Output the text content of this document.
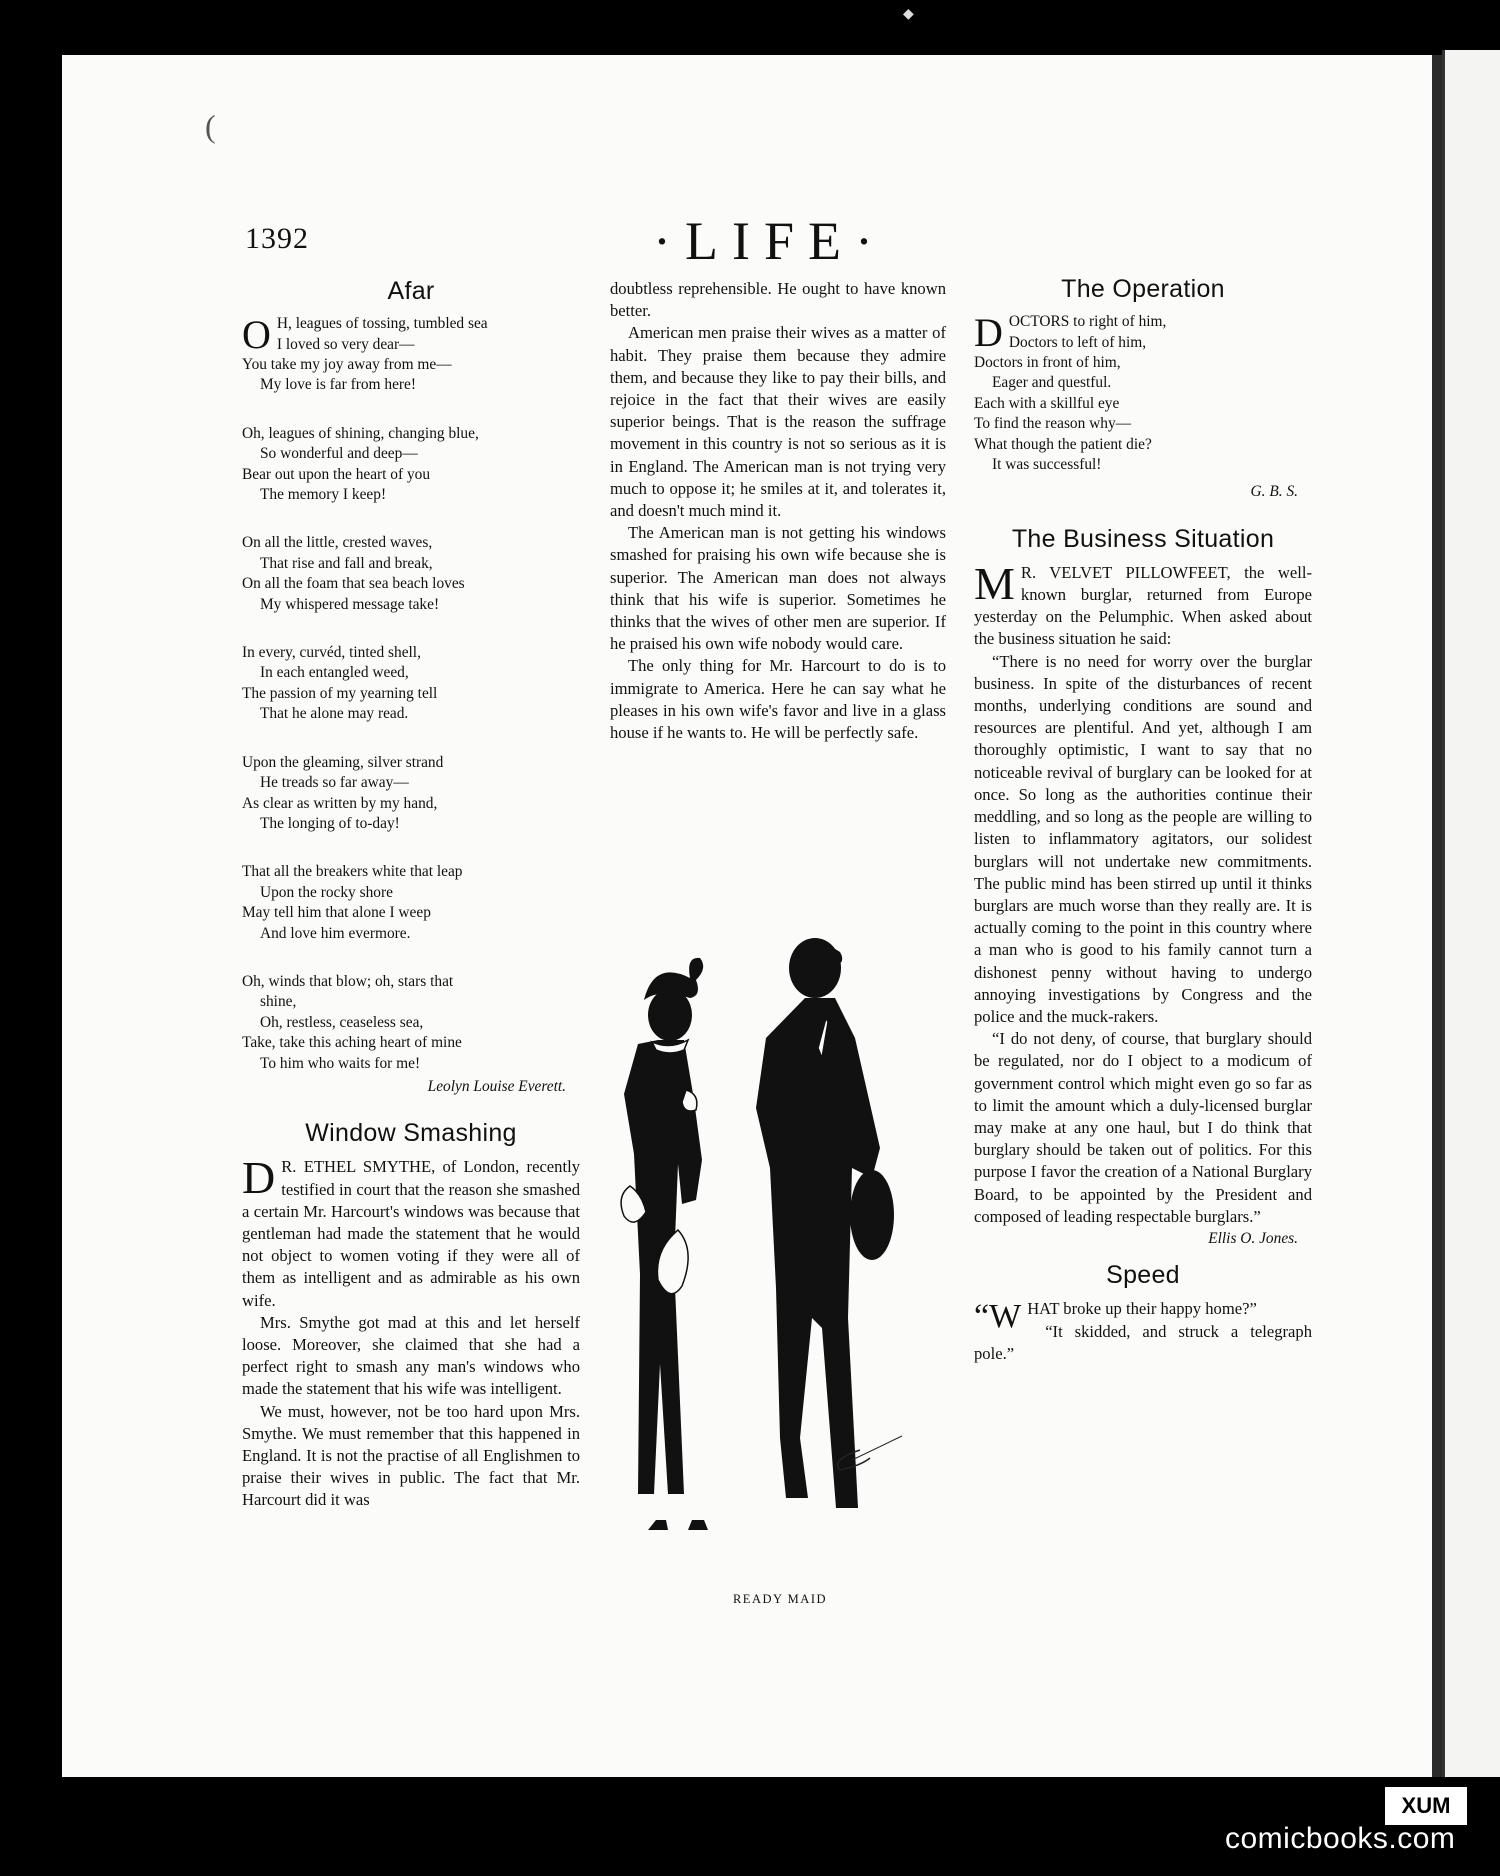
◆
(
1392	·LIFE·
Afar

O H, leagues of tossing, tumbled sea

I loved so very dear—

You take my joy away from me—

My love is far from here!

Oh, leagues of shining, changing blue,

So wonderful and deep—

Bear out upon the heart of you

The memory I keep!

On all the little, crested waves,

That rise and fall and break,

On all the foam that sea beach loves

My whispered message take!

In every, curvéd, tinted shell,

In each entangled weed,

The passion of my yearning tell

That he alone may read.

Upon the gleaming, silver strand

He treads so far away—

As clear as written by my hand,

The longing of to-day!

That all the breakers white that leap

Upon the rocky shore

May tell him that alone I weep

And love him evermore.

Oh, winds that blow; oh, stars that

shine,

Oh, restless, ceaseless sea,

Take, take this aching heart of mine

To him who waits for me!

Leolyn Louise Everett.
Window Smashing

D R. ETHEL SMYTHE, of London, recently testified in court that the reason she smashed a certain Mr. Harcourt's windows was because that gentleman had made the statement that he would not object to women voting if they were all of them as intelligent and as admirable as his own wife.

Mrs. Smythe got mad at this and let herself loose. Moreover, she claimed that she had a perfect right to smash any man's windows who made the statement that his wife was intelligent.

We must, however, not be too hard upon Mrs. Smythe. We must remember that this happened in England. It is not the practise of all Englishmen to praise their wives in public. The fact that Mr. Harcourt did it was

doubtless reprehensible. He ought to have known better.

American men praise their wives as a matter of habit. They praise them because they admire them, and because they like to pay their bills, and rejoice in the fact that their wives are easily superior beings. That is the reason the suffrage movement in this country is not so serious as it is in England. The American man is not trying very much to oppose it; he smiles at it, and tolerates it, and doesn't much mind it.

The American man is not getting his windows smashed for praising his own wife because she is superior. The American man does not always think that his wife is superior. Sometimes he thinks that the wives of other men are superior. If he praised his own wife nobody would care.

The only thing for Mr. Harcourt to do is to immigrate to America. Here he can say what he pleases in his own wife's favor and live in a glass house if he wants to. He will be perfectly safe.

READY MAID
The Operation

DOCTORS to right of him,

Doctors to left of him,

Doctors in front of him,

Eager and questful.

Each with a skillful eye

To find the reason why—

What though the patient die?

It was successful!

G. B. S.
The Business Situation

M R. VELVET PILLOWFEET, the well-known burglar, returned from Europe yesterday on the Pelumphic. When asked about the business situation he said:

“There is no need for worry over the burglar business. In spite of the disturbances of recent months, underlying conditions are sound and resources are plentiful. And yet, although I am thoroughly optimistic, I want to say that no noticeable revival of burglary can be looked for at once. So long as the authorities continue their meddling, and so long as the people are willing to listen to inflammatory agitators, our solidest burglars will not undertake new commitments. The public mind has been stirred up until it thinks burglars are much worse than they really are. It is actually coming to the point in this country where a man who is good to his family cannot turn a dishonest penny without having to undergo annoying investigations by Congress and the police and the muck-rakers.

“I do not deny, of course, that burglary should be regulated, nor do I object to a modicum of government control which might even go so far as to limit the amount which a duly-licensed burglar may make at any one haul, but I do think that burglary should be taken out of politics. For this purpose I favor the creation of a National Burglary Board, to be appointed by the President and composed of leading respectable burglars.”

Ellis O. Jones.
Speed

“WHAT broke up their happy home?”

“It skidded, and struck a telegraph pole.”

XUM
comicbooks.com
